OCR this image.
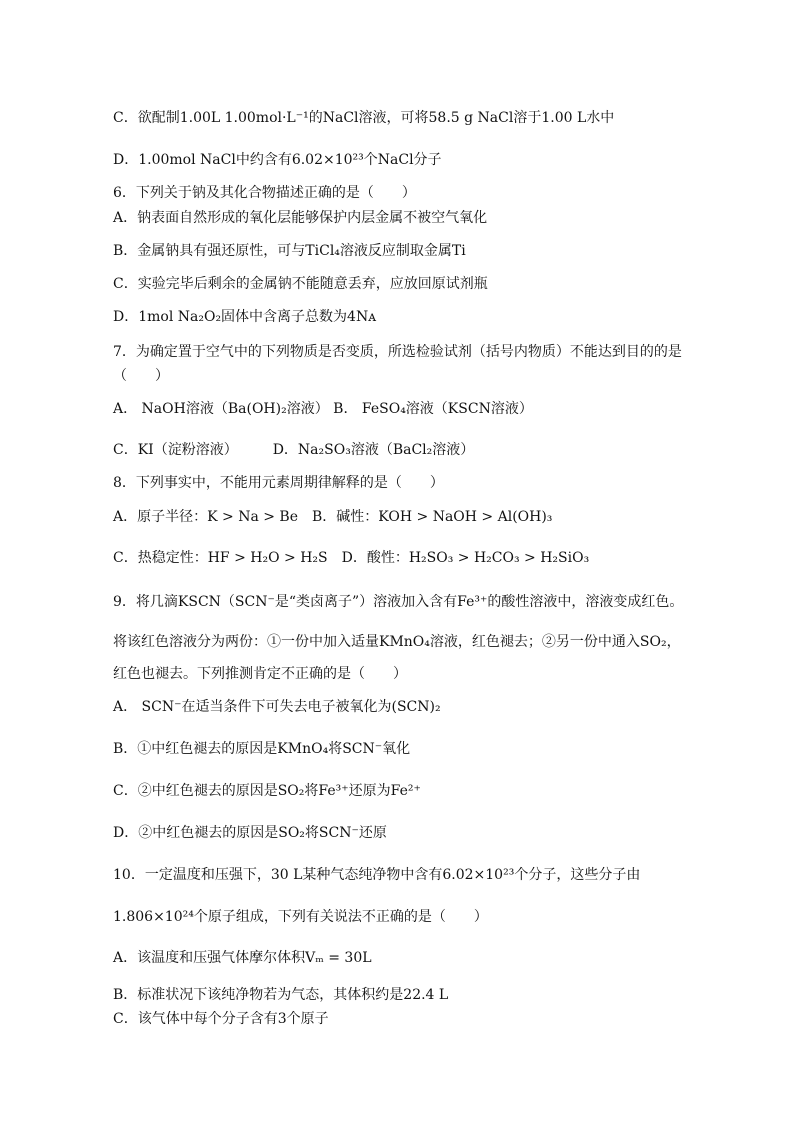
C．欲配制1.00L 1.00mol·L⁻¹的NaCl溶液，可将58.5 g NaCl溶于1.00 L水中
D．1.00mol NaCl中约含有6.02×10²³个NaCl分子
6．下列关于钠及其化合物描述正确的是（　　）
A．钠表面自然形成的氧化层能够保护内层金属不被空气氧化
B．金属钠具有强还原性，可与TiCl₄溶液反应制取金属Ti
C．实验完毕后剩余的金属钠不能随意丢弃，应放回原试剂瓶
D．1mol Na₂O₂固体中含离子总数为4Nᴀ
7．为确定置于空气中的下列物质是否变质，所选检验试剂（括号内物质）不能达到目的的是
（　　）
A． NaOH溶液（Ba(OH)₂溶液） B． FeSO₄溶液（KSCN溶液）
C．KI（淀粉溶液）　　　D．Na₂SO₃溶液（BaCl₂溶液）
8．下列事实中，不能用元素周期律解释的是（　　）
A．原子半径：K > Na > Be　B．碱性：KOH > NaOH > Al(OH)₃
C．热稳定性：HF > H₂O > H₂S　D．酸性：H₂SO₃ > H₂CO₃ > H₂SiO₃
9．将几滴KSCN（SCN⁻是“类卤离子”）溶液加入含有Fe³⁺的酸性溶液中，溶液变成红色。
将该红色溶液分为两份：①一份中加入适量KMnO₄溶液，红色褪去；②另一份中通入SO₂，
红色也褪去。下列推测肯定不正确的是（　　）
A． SCN⁻在适当条件下可失去电子被氧化为(SCN)₂
B．①中红色褪去的原因是KMnO₄将SCN⁻氧化
C．②中红色褪去的原因是SO₂将Fe³⁺还原为Fe²⁺
D．②中红色褪去的原因是SO₂将SCN⁻还原
10．一定温度和压强下，30 L某种气态纯净物中含有6.02×10²³个分子，这些分子由
1.806×10²⁴个原子组成，下列有关说法不正确的是（　　）
A．该温度和压强气体摩尔体积Vₘ = 30L
B．标准状况下该纯净物若为气态，其体积约是22.4 L
C．该气体中每个分子含有3个原子
